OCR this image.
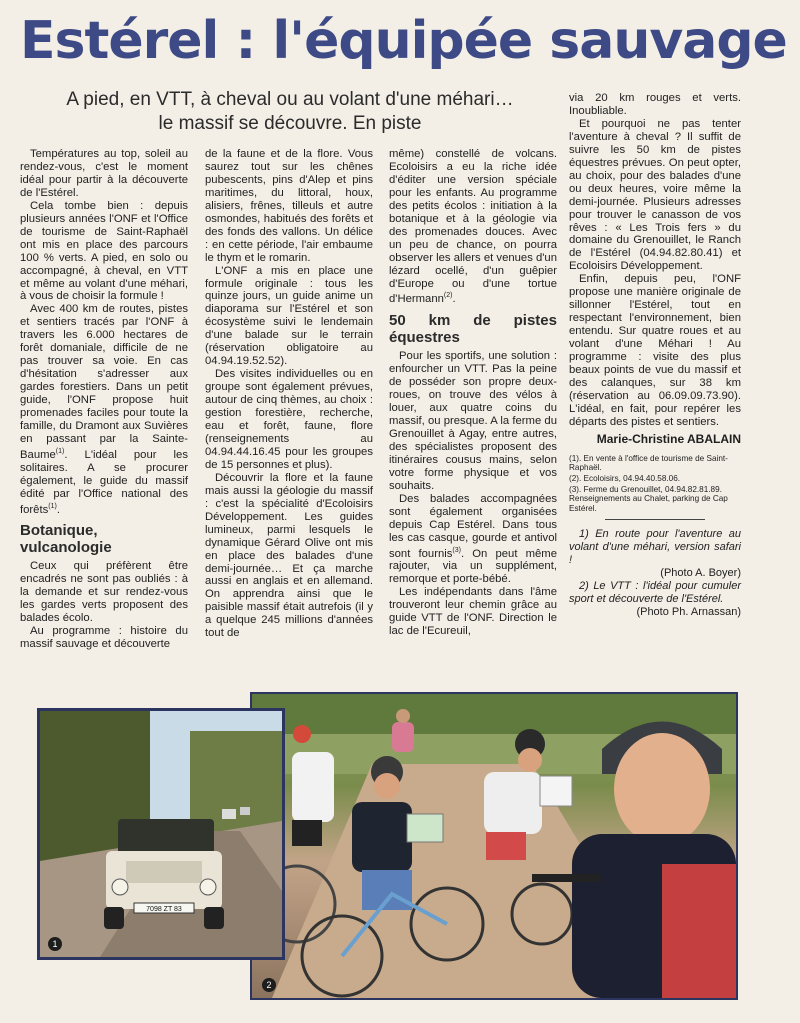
Estérel : l'équipée sauvage

A pied, en VTT, à cheval ou au volant d'une méhari…
le massif se découvre. En piste

Températures au top, soleil au rendez-vous, c'est le moment idéal pour partir à la découverte de l'Estérel.

Cela tombe bien : depuis plusieurs années l'ONF et l'Office de tourisme de Saint-Raphaël ont mis en place des parcours 100 % verts. A pied, en solo ou accompagné, à cheval, en VTT et même au volant d'une méhari, à vous de choisir la formule !

Avec 400 km de routes, pistes et sentiers tracés par l'ONF à travers les 6.000 hectares de forêt domaniale, difficile de ne pas trouver sa voie. En cas d'hésitation s'adresser aux gardes forestiers. Dans un petit guide, l'ONF propose huit promenades faciles pour toute la famille, du Dramont aux Suvières en passant par la Sainte-Baume$^{(1)}$. L'idéal pour les solitaires. A se procurer également, le guide du massif édité par l'Office national des forêts$^{(1)}$.

Botanique, vulcanologie

Ceux qui préfèrent être encadrés ne sont pas oubliés : à la demande et sur rendez-vous les gardes verts proposent des balades écolo.

Au programme : histoire du massif sauvage et découverte

de la faune et de la flore. Vous saurez tout sur les chênes pubescents, pins d'Alep et pins maritimes, du littoral, houx, alisiers, frênes, tilleuls et autre osmondes, habitués des forêts et des fonds des vallons. Un délice : en cette période, l'air embaume le thym et le romarin.

L'ONF a mis en place une formule originale : tous les quinze jours, un guide anime un diaporama sur l'Estérel et son écosystème suivi le lendemain d'une balade sur le terrain (réservation obligatoire au 04.94.19.52.52).

Des visites individuelles ou en groupe sont également prévues, autour de cinq thèmes, au choix : gestion forestière, recherche, eau et forêt, faune, flore (renseignements au 04.94.44.16.45 pour les groupes de 15 personnes et plus).

Découvrir la flore et la faune mais aussi la géologie du massif : c'est la spécialité d'Ecoloisirs Développement. Les guides lumineux, parmi lesquels le dynamique Gérard Olive ont mis en place des balades d'une demi-journée… Et ça marche aussi en anglais et en allemand. On apprendra ainsi que le paisible massif était autrefois (il y a quelque 245 millions d'années tout de

même) constellé de volcans. Ecoloisirs a eu la riche idée d'éditer une version spéciale pour les enfants. Au programme des petits écolos : initiation à la botanique et à la géologie via des promenades douces. Avec un peu de chance, on pourra observer les allers et venues d'un lézard ocellé, d'un guêpier d'Europe ou d'une tortue d'Hermann$^{(2)}$.

50 km de pistes équestres

Pour les sportifs, une solution : enfourcher un VTT. Pas la peine de posséder son propre deux-roues, on trouve des vélos à louer, aux quatre coins du massif, ou presque. A la ferme du Grenouillet à Agay, entre autres, des spécialistes proposent des itinéraires cousus mains, selon votre forme physique et vos souhaits.

Des balades accompagnées sont également organisées depuis Cap Estérel. Dans tous les cas casque, gourde et antivol sont fournis$^{(3)}$. On peut même rajouter, via un supplément, remorque et porte-bébé.

Les indépendants dans l'âme trouveront leur chemin grâce au guide VTT de l'ONF. Direction le lac de l'Ecureuil,

via 20 km rouges et verts. Inoubliable.

Et pourquoi ne pas tenter l'aventure à cheval ? Il suffit de suivre les 50 km de pistes équestres prévues. On peut opter, au choix, pour des balades d'une ou deux heures, voire même la demi-journée. Plusieurs adresses pour trouver le canasson de vos rêves : « Les Trois fers » du domaine du Grenouillet, le Ranch de l'Estérel (04.94.82.80.41) et Ecoloisirs Développement.

Enfin, depuis peu, l'ONF propose une manière originale de sillonner l'Estérel, tout en respectant l'environnement, bien entendu. Sur quatre roues et au volant d'une Méhari ! Au programme : visite des plus beaux points de vue du massif et des calanques, sur 38 km (réservation au 06.09.09.73.90). L'idéal, en fait, pour repérer les départs des pistes et sentiers.

Marie-Christine ABALAIN
(1). En vente à l'office de tourisme de Saint-Raphaël.
(2). Ecoloisirs, 04.94.40.58.06.
(3). Ferme du Grenouillet, 04.94.82.81.89. Renseignements au Chalet, parking de Cap Estérel.

1) En route pour l'aventure au volant d'une méhari, version safari !

(Photo A. Boyer)

2) Le VTT : l'idéal pour cumuler sport et découverte de l'Estérel.

(Photo Ph. Arnassan)

2
7098 ZT 83
1
